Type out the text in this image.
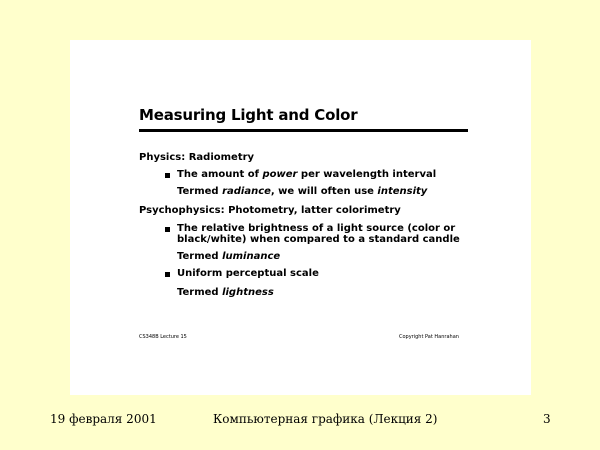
Measuring Light and Color
Physics: Radiometry
The amount of power per wavelength interval
Termed radiance, we will often use intensity
Psychophysics: Photometry, latter colorimetry
The relative brightness of a light source (color or
black/white) when compared to a standard candle
Termed luminance
Uniform perceptual scale
Termed lightness
CS348B Lecture 15	Copyright Pat Hanrahan
19 февраля 2001	Компьютерная графика (Лекция 2)	3
